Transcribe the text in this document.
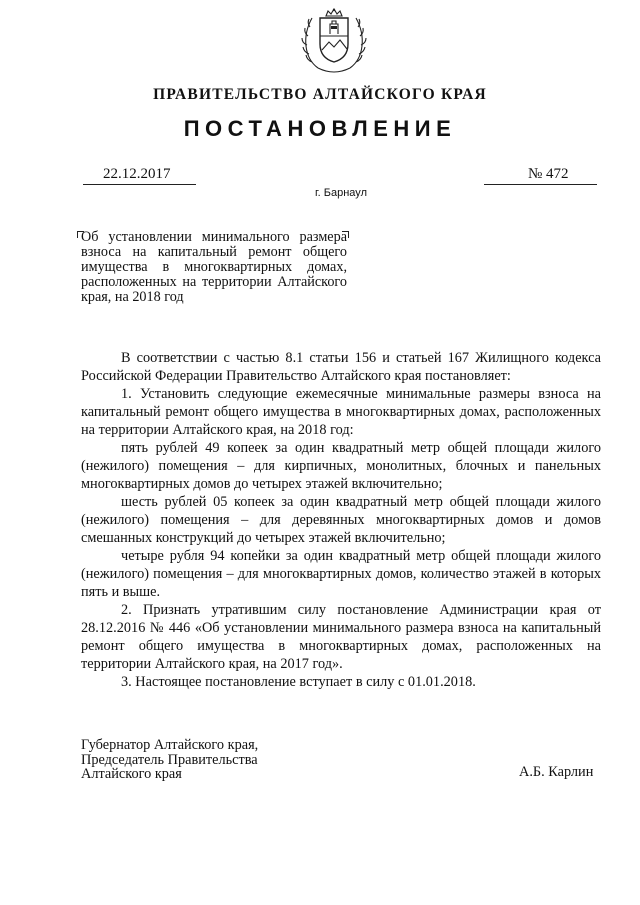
ПРАВИТЕЛЬСТВО АЛТАЙСКОГО КРАЯ
ПОСТАНОВЛЕНИЕ
22.12.2017	№ 472
г. Барнаул
Об установлении минимального размера взноса на капитальный ремонт общего имущества в многоквартирных домах, расположенных на территории Алтайского края, на 2018 год

В соответствии с частью 8.1 статьи 156 и статьей 167 Жилищного кодекса Российской Федерации Правительство Алтайского края постановляет:

1. Установить следующие ежемесячные минимальные размеры взноса на капитальный ремонт общего имущества в многоквартирных домах, расположенных на территории Алтайского края, на 2018 год:

пять рублей 49 копеек за один квадратный метр общей площади жилого (нежилого) помещения – для кирпичных, монолитных, блочных и панельных многоквартирных домов до четырех этажей включительно;

шесть рублей 05 копеек за один квадратный метр общей площади жилого (нежилого) помещения – для деревянных многоквартирных домов и домов смешанных конструкций до четырех этажей включительно;

четыре рубля 94 копейки за один квадратный метр общей площади жилого (нежилого) помещения – для многоквартирных домов, количество этажей в которых пять и выше.

2. Признать утратившим силу постановление Администрации края от 28.12.2016 № 446 «Об установлении минимального размера взноса на капитальный ремонт общего имущества в многоквартирных домах, расположенных на территории Алтайского края, на 2017 год».

3. Настоящее постановление вступает в силу с 01.01.2018.

Губернатор Алтайского края,
Председатель Правительства
Алтайского края	А.Б. Карлин
